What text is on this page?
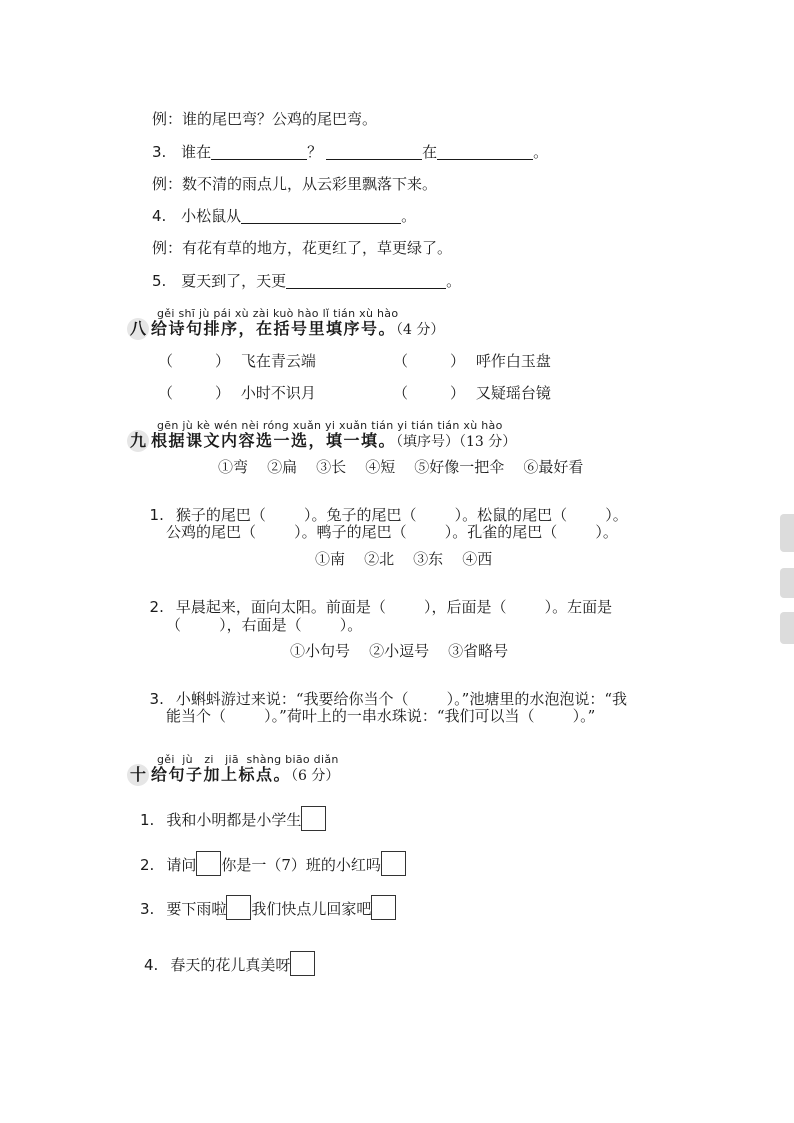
例：谁的尾巴弯？公鸡的尾巴弯。
3. 谁在	？	在	。
例：数不清的雨点儿，从云彩里飘落下来。
4. 小松鼠从	。
例：有花有草的地方，花更红了，草更绿了。
5. 夏天到了，天更	。
gěi shī jù pái xù zài kuò hào lǐ tián xù hào
八 给诗句排序，在括号里填序号。（4 分）
（	） 飞在青云端	（	） 呼作白玉盘
（	） 小时不识月	（	） 又疑瑶台镜
gēn jù kè wén nèi róng xuǎn yi xuǎn tián yi tián tián xù hào
九 根据课文内容选一选，填一填。（填序号）（13 分）
①弯    ②扁    ③长    ④短    ⑤好像一把伞    ⑥最好看

1. 猴子的尾巴（        ）。兔子的尾巴（        ）。松鼠的尾巴（        ）。

公鸡的尾巴（        ）。鸭子的尾巴（        ）。孔雀的尾巴（        ）。
①南    ②北    ③东    ④西

2. 早晨起来，面向太阳。前面是（        ），后面是（        ）。左面是

（        ），右面是（        ）。
①小句号    ②小逗号    ③省略号

3. 小蝌蚪游过来说：“我要给你当个（        ）。”池塘里的水泡泡说：“我

能当个（        ）。”荷叶上的一串水珠说：“我们可以当（        ）。”
gěi  jù   zi   jiā  shàng biāo diǎn
十 给句子加上标点。（6 分）
1. 我和小明都是小学生
2. 请问 你是一（7）班的小红吗
3. 要下雨啦 我们快点儿回家吧
4. 春天的花儿真美呀
